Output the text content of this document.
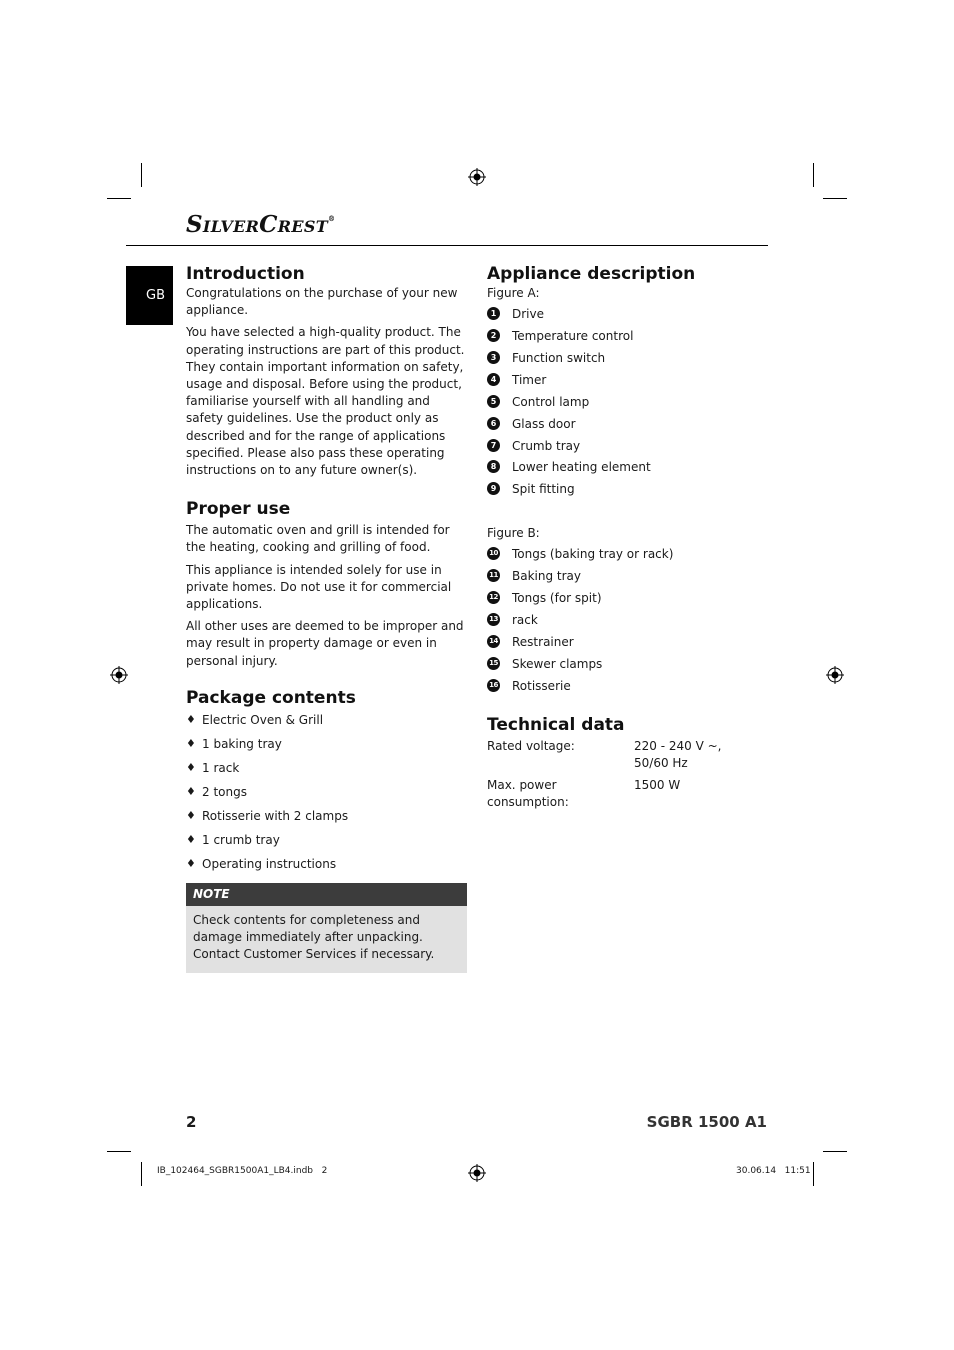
SILVERCREST®
GB
Introduction

Congratulations on the purchase of your new appliance.

You have selected a high-quality product. The operating instructions are part of this product. They contain important information on safety, usage and disposal. Before using the product, familiarise yourself with all handling and safety guidelines. Use the product only as described and for the range of applications specified. Please also pass these operating instructions on to any future owner(s).

Proper use

The automatic oven and grill is intended for the heating, cooking and grilling of food.

This appliance is intended solely for use in private homes. Do not use it for commercial applications.

All other uses are deemed to be improper and may result in property damage or even in personal injury.

Package contents
♦ Electric Oven & Grill
♦ 1 baking tray
♦ 1 rack
♦ 2 tongs
♦ Rotisserie with 2 clamps
♦ 1 crumb tray
♦ Operating instructions
NOTE
Check contents for completeness and damage immediately after unpacking. Contact Customer Services if necessary.
Appliance description

Figure A:

1	Drive
2	Temperature control
3	Function switch
4	Timer
5	Control lamp
6	Glass door
7	Crumb tray
8	Lower heating element
9	Spit fitting

Figure B:

10 Tongs (baking tray or rack)
11 Baking tray
12 Tongs (for spit)
13 rack
14 Restrainer
15 Skewer clamps
16 Rotisserie
Technical data
Rated voltage:	220 - 240 V ~,
50/60 Hz
Max. power consumption:1500 W
2	SGBR 1500 A1
IB_102464_SGBR1500A1_LB4.indb   2	30.06.14   11:51
